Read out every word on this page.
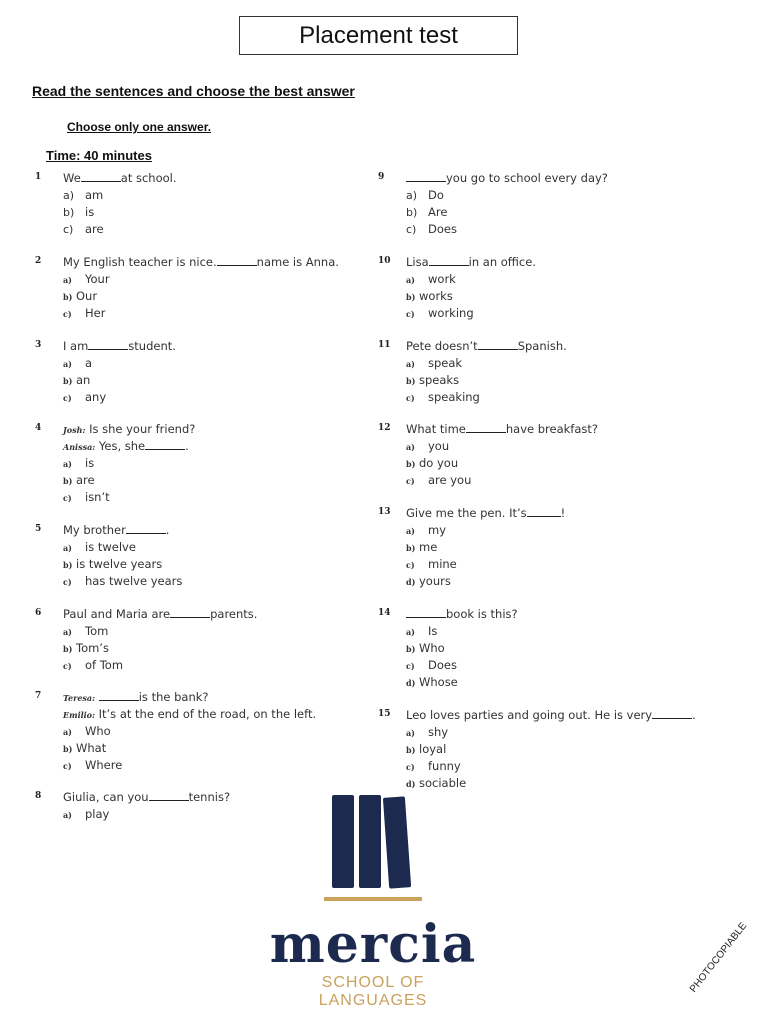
Placement test
Read the sentences and choose the best answer
Choose only one answer.
Time: 40 minutes
1 We	at school.
a) am
b) is
c) are
2 My English teacher is nice.	name is Anna.
a) Your
b) Our
c) Her
3 I am	student.
a) a
b) an
c) any
4	Josh: Is she your friend?
Anissa: Yes, she	.
a) is
b) are
c) isn’t
5 My brother	.
a) is twelve
b) is twelve years
c) has twelve years
6 Paul and Maria are	parents.
a) Tom
b) Tom’s
c) of Tom
7	Teresa:	is the bank?
Emilio: It’s at the end of the road, on the left.
a) Who
b) What
c) Where
8 Giulia, can you	tennis?
a) play
9	you go to school every day?
a) Do
b) Are
c) Does
10 Lisa	in an office.
a) work
b) works
c) working
11 Pete doesn’t	Spanish.
a) speak
b) speaks
c) speaking
12 What time	have breakfast?
a) you
b) do you
c) are you
13 Give me the pen. It’s	!
a) my
b) me
c) mine
d) yours
14	book is this?
a) Is
b) Who
c) Does
d) Whose
15 Leo loves parties and going out. He is very	.
a) shy
b) loyal
c) funny
d) sociable
mercia
SCHOOL OF LANGUAGES
PHOTOCOPIABLE
